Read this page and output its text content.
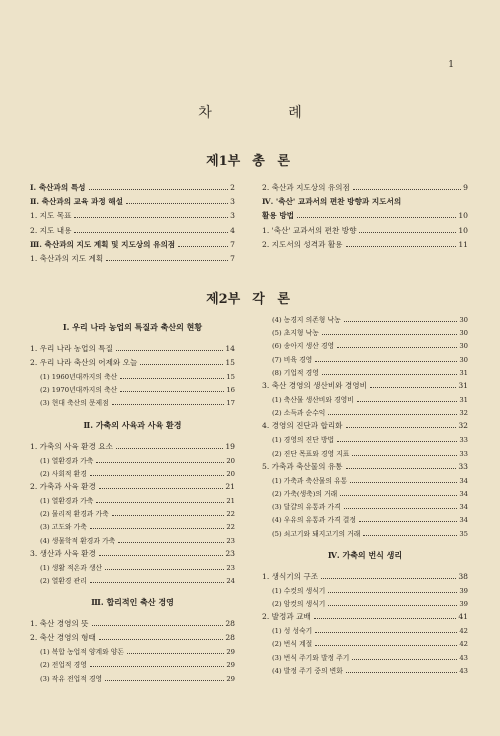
1
차 례
제1부 총 론
Ⅰ. 축산과의 특성	2
Ⅱ. 축산과의 교육 과정 해설	3
1. 지도 목표	3
2. 지도 내용	4
Ⅲ. 축산과의 지도 계획 및 지도상의 유의점	7
1. 축산과의 지도 계획	7
2. 축산과 지도상의 유의점	9
Ⅳ. '축산' 교과서의 편찬 방향과 지도서의
활용 방법	10
1. '축산' 교과서의 편찬 방향	10
2. 지도서의 성격과 활용	11
제2부 각 론
Ⅰ. 우리 나라 농업의 특질과 축산의 현황
1. 우리 나라 농업의 특질	14
2. 우리 나라 축산의 어제와 오늘	15
(1) 1960년대까지의 축산	15
(2) 1970년대까지의 축산	16
(3) 현대 축산의 문제점	17
Ⅱ. 가축의 사육과 사육 환경
1. 가축의 사육 환경 요소	19
(1) 열환경과 가축	20
(2) 사회적 환경	20
2. 가축과 사육 환경	21
(1) 열환경과 가축	21
(2) 물리적 환경과 가축	22
(3) 고도와 가축	22
(4) 생물학적 환경과 가축	23
3. 생산과 사육 환경	23
(1) 생활 적온과 생산	23
(2) 열환경 관리	24
Ⅲ. 합리적인 축산 경영
1. 축산 경영의 뜻	28
2. 축산 경영의 형태	28
(1) 복합 농업적 양계와 양돈	29
(2) 전업적 경영	29
(3) 작유 전업적 경영	29
(4) 농경지 의존형 낙농	30
(5) 초지형 낙농	30
(6) 송아지 생산 경영	30
(7) 비육 경영	30
(8) 기업적 경영	31
3. 축산 경영의 생산비와 경영비	31
(1) 축산물 생산비와 경영비	31
(2) 소득과 순수익	32
4. 경영의 진단과 합리화	32
(1) 경영의 진단 방법	33
(2) 진단 목표와 경영 지표	33
5. 가축과 축산물의 유통	33
(1) 가축과 축산물의 유통	34
(2) 가축(생축)의 거래	34
(3) 달걀의 유통과 가격	34
(4) 우유의 유통과 가격 결정	34
(5) 쇠고기와 돼지고기의 거래	35
Ⅳ. 가축의 번식 생리
1. 생식기의 구조	38
(1) 수컷의 생식기	39
(2) 암컷의 생식기	39
2. 발정과 교배	41
(1) 성 성숙기	42
(2) 번식 계절	42
(3) 번식 주기와 발정 주기	43
(4) 발정 주기 중의 변화	43
